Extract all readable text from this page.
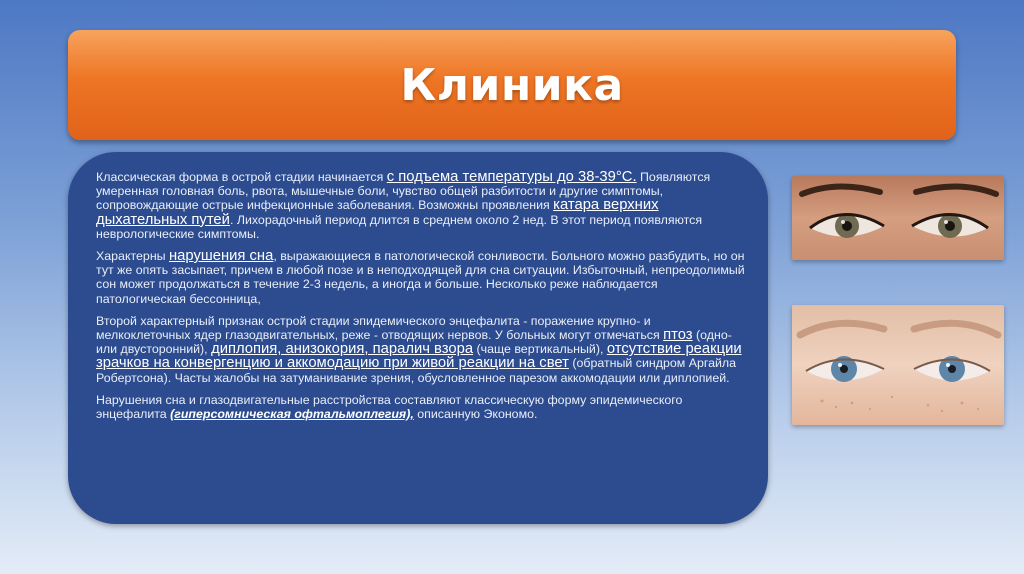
Клиника

Классическая форма в острой стадии начинается с подъема температуры до 38-39°С. Появляются умеренная головная боль, рвота, мышечные боли, чувство общей разбитости и другие симптомы, сопровождающие острые инфекционные заболевания. Возможны проявления катара верхних дыхательных путей. Лихорадочный период длится в среднем около 2 нед. В этот период появляются неврологические симптомы.

Характерны нарушения сна, выражающиеся в патологической сонливости. Больного можно разбудить, но он тут же опять засыпает, причем в любой позе и в неподходящей для сна ситуации. Избыточный, непреодолимый сон может продолжаться в течение 2-3 недель, а иногда и больше. Несколько реже наблюдается патологическая бессонница,

Второй характерный признак острой стадии эпидемического энцефалита - поражение крупно- и мелкоклеточных ядер глазодвигательных, реже - отводящих нервов. У больных могут отмечаться птоз (одно- или двусторонний), диплопия, анизокория, паралич взора (чаще вертикальный), отсутствие реакции зрачков на конвергенцию и аккомодацию при живой реакции на свет (обратный синдром Аргайла Робертсона). Часты жалобы на затуманивание зрения, обусловленное парезом аккомодации или диплопией.

Нарушения сна и глазодвигательные расстройства составляют классическую форму эпидемического энцефалита (гиперсомническая офтальмоплегия), описанную Экономо.
